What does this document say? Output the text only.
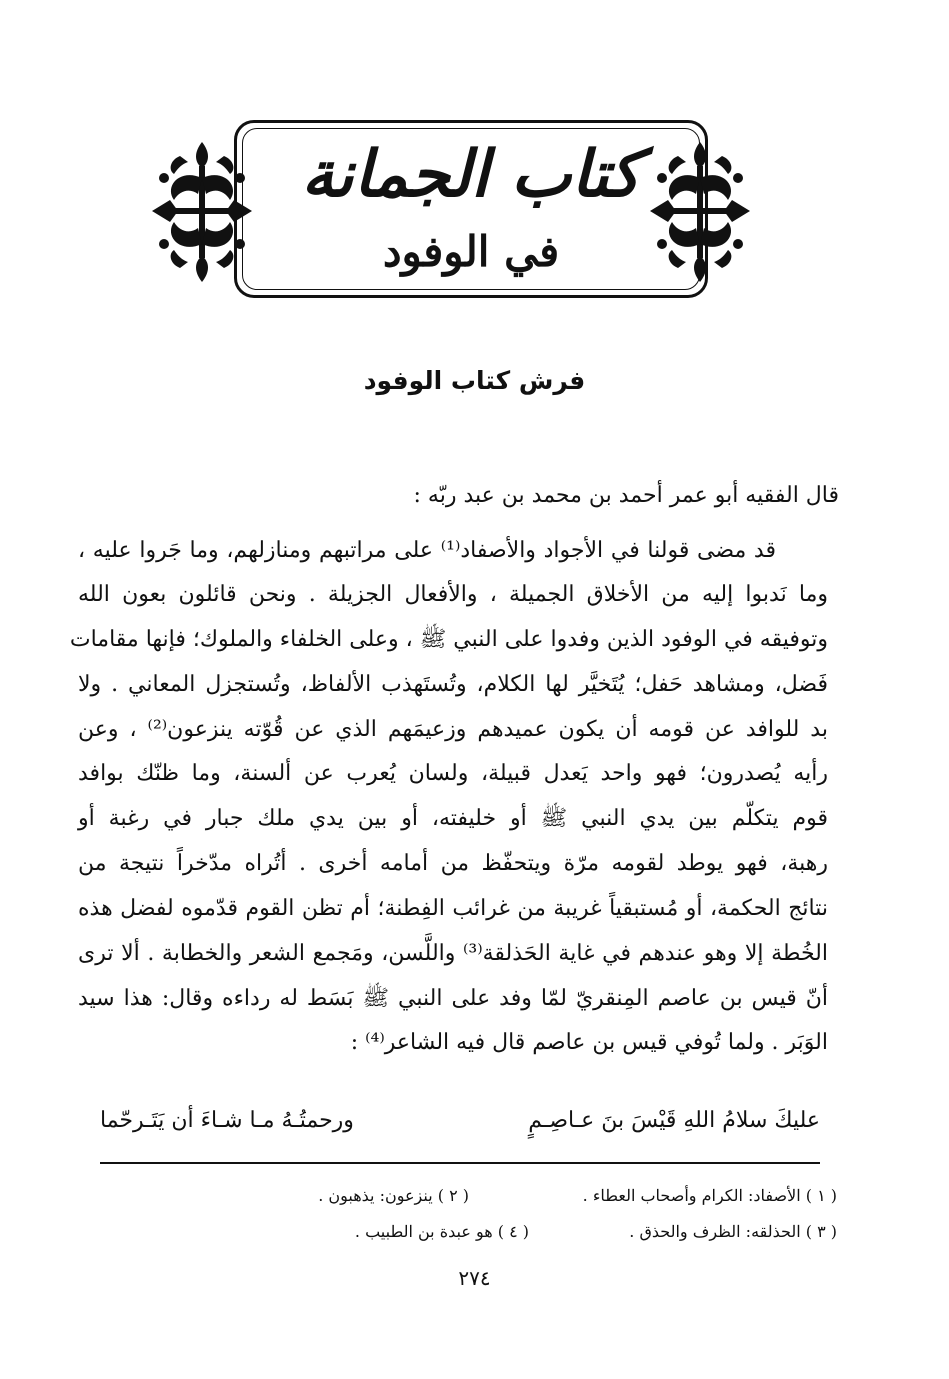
كتاب الجمانة
في الوفود
فرش كتاب الوفود
قال الفقيه أبو عمر أحمد بن محمد بن عبد ربّه :
قد مضى قولنا في الأجواد والأصفاد⁽¹⁾ على مراتبهم ومنازلهم، وما جَروا عليه ،
وما نَدبوا إليه من الأخلاق الجميلة ، والأفعال الجزيلة . ونحن قائلون بعون الله
وتوفيقه في الوفود الذين وفدوا على النبي ﷺ ، وعلى الخلفاء والملوك؛ فإنها مقامات
فَضل، ومشاهد حَفل؛ يُتَخيَّر لها الكلام، وتُستَهذب الألفاظ، وتُستجزل المعاني . ولا
بد للوافد عن قومه أن يكون عميدهم وزعيمَهم الذي عن قُوّته ينزعون⁽²⁾ ، وعن
رأيه يُصدرون؛ فهو واحد يَعدل قبيلة، ولسان يُعرب عن ألسنة، وما ظنّك بوافد
قوم يتكلّم بين يدي النبي ﷺ أو خليفته، أو بين يدي ملك جبار في رغبة أو
رهبة، فهو يوطد لقومه مرّة ويتحفّظ من أمامه أخرى . أتُراه مدّخراً نتيجة من
نتائج الحكمة، أو مُستبقياً غريبة من غرائب الفِطنة؛ أم تظن القوم قدّموه لفضل هذه
الخُطة إلا وهو عندهم في غاية الحَذلقة⁽³⁾ واللَّسن، ومَجمع الشعر والخطابة . ألا ترى
أنّ قيس بن عاصم المِنقريّ لمّا وفد على النبي ﷺ بَسَط له رداءه وقال: هذا سيد
الوَبَر . ولما تُوفي قيس بن عاصم قال فيه الشاعر⁽⁴⁾ :
عليكَ سلامُ اللهِ قَيْسَ بنَ عـاصِـمٍ
ورحمتُـهُ مـا شـاءَ أن يَتَـرحّما
( ١ ) الأصفاد: الكرام وأصحاب العطاء .
( ٢ ) ينزعون: يذهبون .
( ٣ ) الحذلقه: الظرف والحذق .
( ٤ ) هو عبدة بن الطبيب .
٢٧٤
